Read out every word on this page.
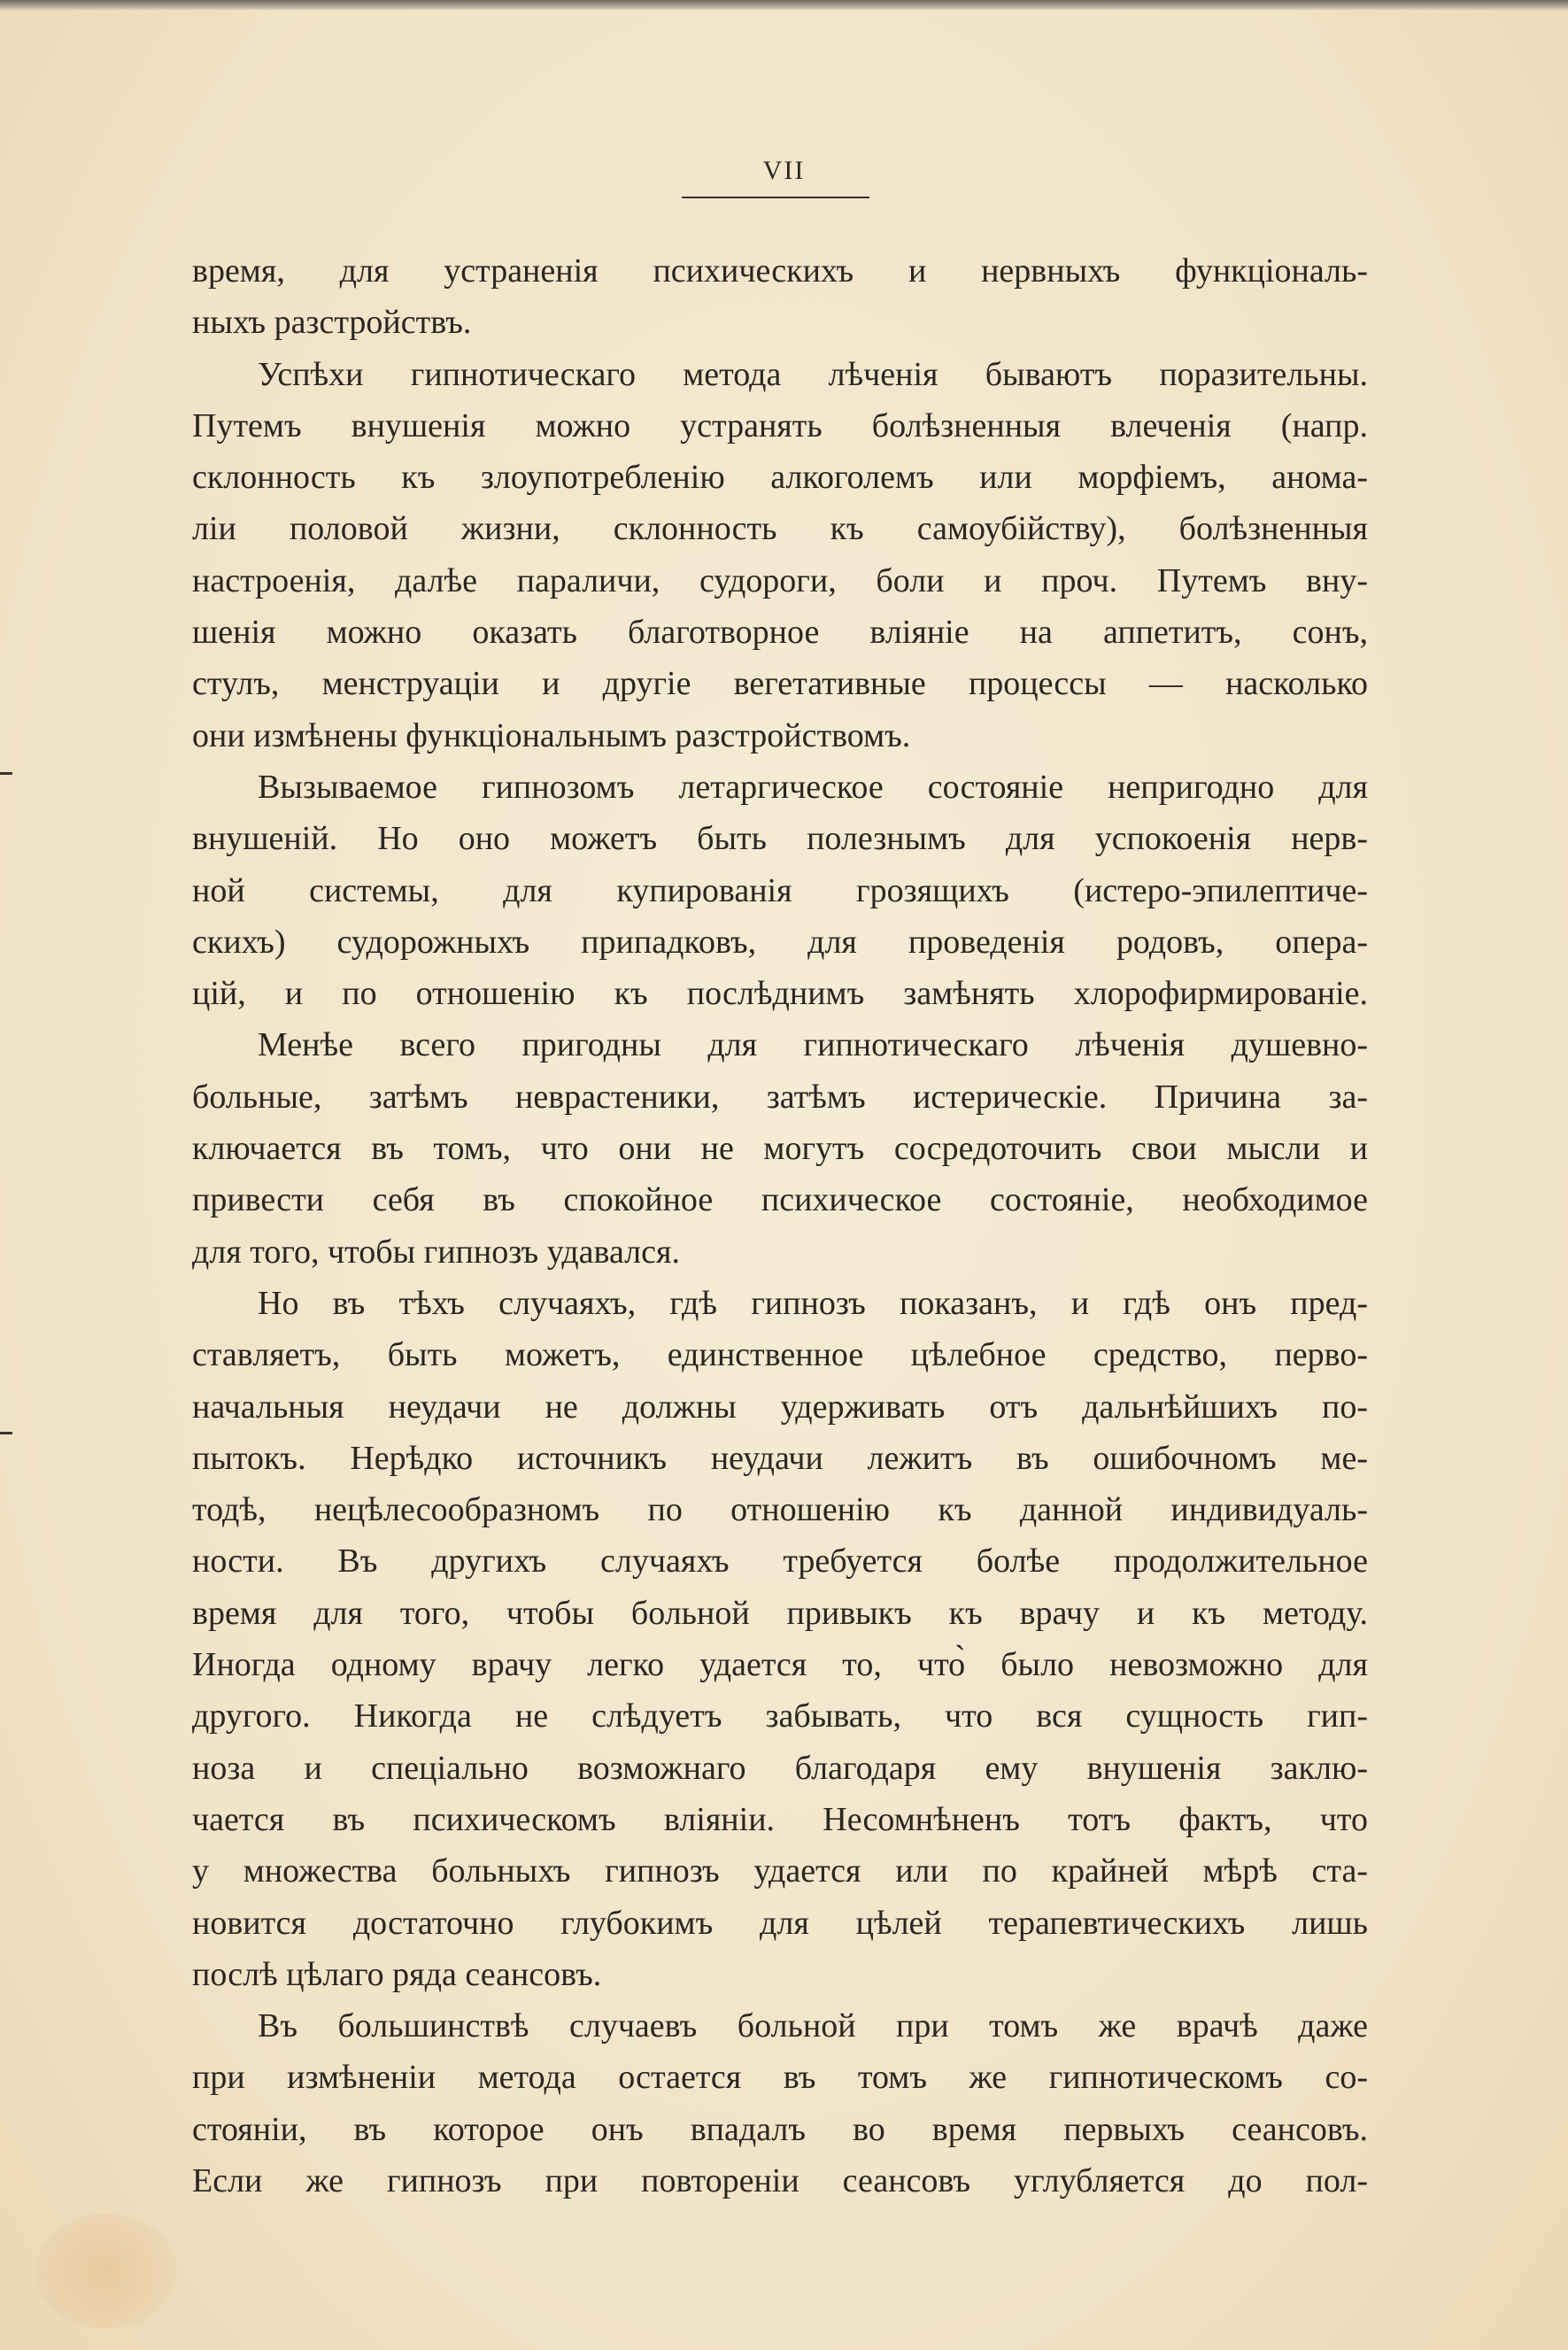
VII
время, для устраненія психическихъ и нервныхъ функціональ-
ныхъ разстройствъ.
Успѣхи гипнотическаго метода лѣченія бываютъ поразительны.
Путемъ внушенія можно устранять болѣзненныя влеченія (напр.
склонность къ злоупотребленію алкоголемъ или морфіемъ, анома-
ліи половой жизни, склонность къ самоубійству), болѣзненныя
настроенія, далѣе параличи, судороги, боли и проч. Путемъ вну-
шенія можно оказать благотворное вліяніе на аппетитъ, сонъ,
стулъ, менструаціи и другіе вегетативные процессы — насколько
они измѣнены функціональнымъ разстройствомъ.
Вызываемое гипнозомъ летаргическое состояніе непригодно для
внушеній. Но оно можетъ быть полезнымъ для успокоенія нерв-
ной системы, для купированія грозящихъ (истеро-эпилептиче-
скихъ) судорожныхъ припадковъ, для проведенія родовъ, опера-
цій, и по отношенію къ послѣднимъ замѣнять хлорофирмированіе.
Менѣе всего пригодны для гипнотическаго лѣченія душевно-
больные, затѣмъ неврастеники, затѣмъ истерическіе. Причина за-
ключается въ томъ, что они не могутъ сосредоточить свои мысли и
привести себя въ спокойное психическое состояніе, необходимое
для того, чтобы гипнозъ удавался.
Но въ тѣхъ случаяхъ, гдѣ гипнозъ показанъ, и гдѣ онъ пред-
ставляетъ, быть можетъ, единственное цѣлебное средство, перво-
начальныя неудачи не должны удерживать отъ дальнѣйшихъ по-
пытокъ. Нерѣдко источникъ неудачи лежитъ въ ошибочномъ ме-
тодѣ, нецѣлесообразномъ по отношенію къ данной индивидуаль-
ности. Въ другихъ случаяхъ требуется болѣе продолжительное
время для того, чтобы больной привыкъ къ врачу и къ методу.
Иногда одному врачу легко удается то, что̀ было невозможно для
другого. Никогда не слѣдуетъ забывать, что вся сущность гип-
ноза и спеціально возможнаго благодаря ему внушенія заклю-
чается въ психическомъ вліяніи. Несомнѣненъ тотъ фактъ, что
у множества больныхъ гипнозъ удается или по крайней мѣрѣ ста-
новится достаточно глубокимъ для цѣлей терапевтическихъ лишь
послѣ цѣлаго ряда сеансовъ.
Въ большинствѣ случаевъ больной при томъ же врачѣ даже
при измѣненіи метода остается въ томъ же гипнотическомъ со-
стояніи, въ которое онъ впадалъ во время первыхъ сеансовъ.
Если же гипнозъ при повтореніи сеансовъ углубляется до пол-
